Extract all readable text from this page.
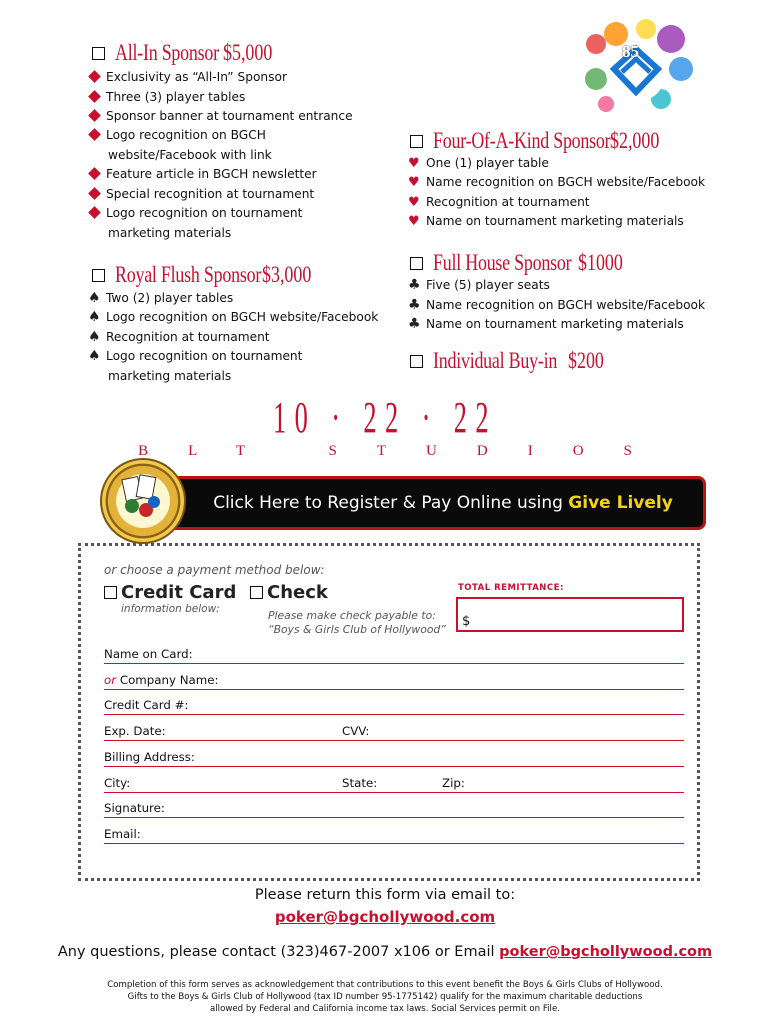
85
All-In Sponsor $5,000
Exclusivity as “All-In” Sponsor
Three (3) player tables
Sponsor banner at tournament entrance
Logo recognition on BGCH
website/Facebook with link
Feature article in BGCH newsletter
Special recognition at tournament
Logo recognition on tournament
marketing materials
Royal Flush Sponsor $3,000
♠ Two (2) player tables
♠ Logo recognition on BGCH website/Facebook
♠ Recognition at tournament
♠ Logo recognition on tournament
marketing materials
Four-Of-A-Kind Sponsor $2,000
♥ One (1) player table
♥ Name recognition on BGCH website/Facebook
♥ Recognition at tournament
♥ Name on tournament marketing materials
Full House Sponsor $1000
♣ Five (5) player seats
♣ Name recognition on BGCH website/Facebook
♣ Name on tournament marketing materials
Individual Buy-in $200
10 · 22 · 22
BLT STUDIOS
Click Here to Register & Pay Online using Give Lively
or choose a payment method below:
Credit Card
information below:
Check
Please make check payable to:
“Boys & Girls Club of Hollywood”
TOTAL REMITTANCE:
$
Name on Card:
or Company Name:
Credit Card #:
Exp. Date:	CVV:
Billing Address:
City:	State:	Zip:
Signature:
Email:
Please return this form via email to:
poker@bgchollywood.com
Any questions, please contact (323)467-2007 x106 or Email poker@bgchollywood.com
Completion of this form serves as acknowledgement that contributions to this event benefit the Boys & Girls Clubs of Hollywood.
Gifts to the Boys & Girls Club of Hollywood (tax ID number 95-1775142) qualify for the maximum charitable deductions
allowed by Federal and California income tax laws. Social Services permit on File.
